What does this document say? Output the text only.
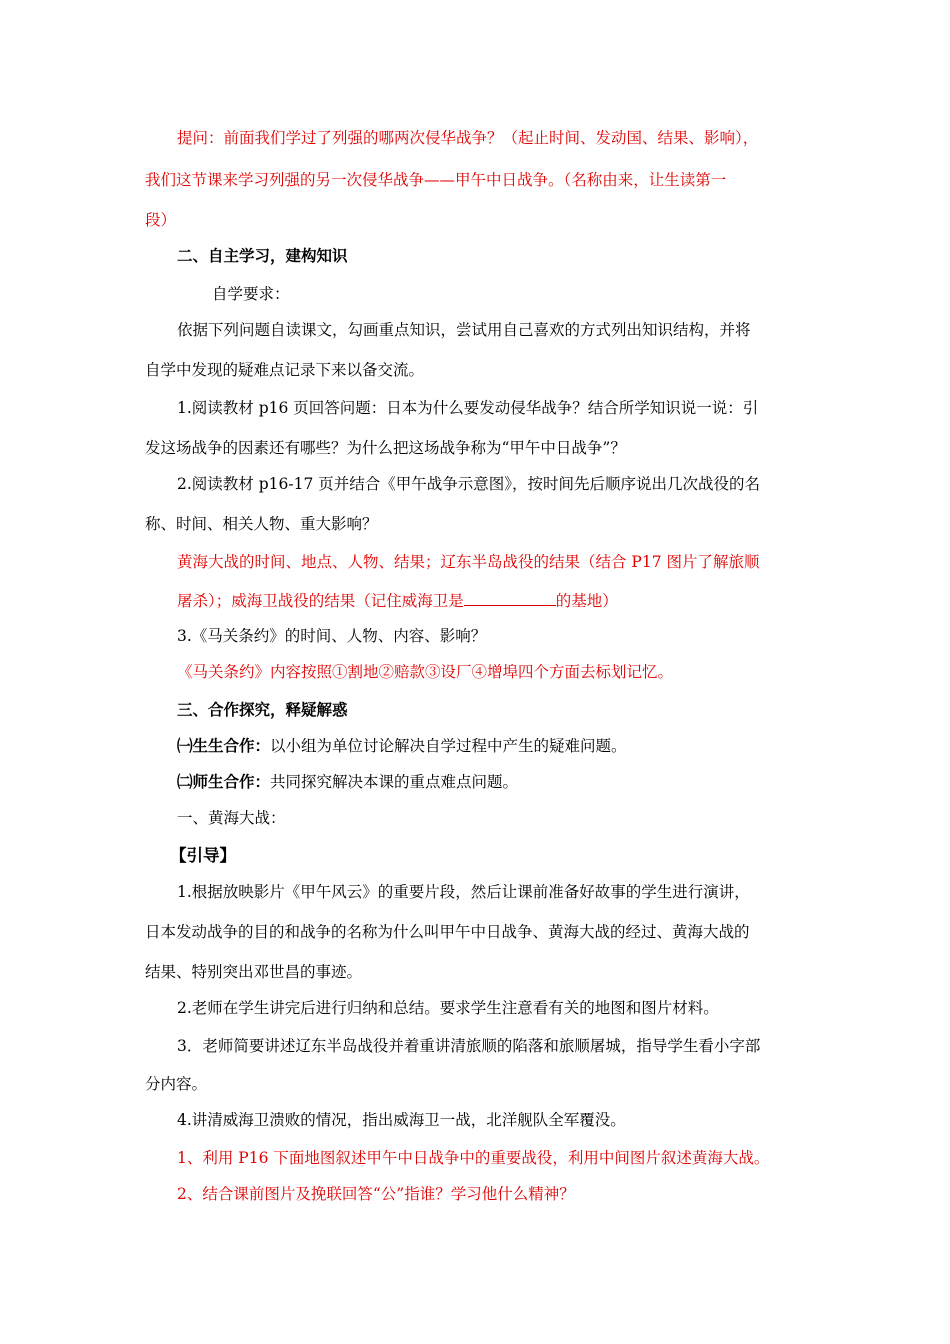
提问：前面我们学过了列强的哪两次侵华战争？（起止时间、发动国、结果、影响），
我们这节课来学习列强的另一次侵华战争——甲午中日战争。（名称由来，让生读第一
段）
二、自主学习，建构知识
自学要求：
依据下列问题自读课文，勾画重点知识，尝试用自己喜欢的方式列出知识结构，并将
自学中发现的疑难点记录下来以备交流。
1.阅读教材 p16 页回答问题：日本为什么要发动侵华战争？结合所学知识说一说：引
发这场战争的因素还有哪些？为什么把这场战争称为“甲午中日战争”？
2.阅读教材 p16-17 页并结合《甲午战争示意图》，按时间先后顺序说出几次战役的名
称、时间、相关人物、重大影响？
黄海大战的时间、地点、人物、结果；辽东半岛战役的结果（结合 P17 图片了解旅顺
屠杀）；威海卫战役的结果（记住威海卫是	的基地）
3.《马关条约》的时间、人物、内容、影响？
《马关条约》内容按照①割地②赔款③设厂④增埠四个方面去标划记忆。
三、合作探究，释疑解惑
㈠生生合作：以小组为单位讨论解决自学过程中产生的疑难问题。
㈡师生合作：共同探究解决本课的重点难点问题。
一、黄海大战：
【引导】
1.根据放映影片《甲午风云》的重要片段，然后让课前准备好故事的学生进行演讲，
日本发动战争的目的和战争的名称为什么叫甲午中日战争、黄海大战的经过、黄海大战的
结果、特别突出邓世昌的事迹。
2.老师在学生讲完后进行归纳和总结。要求学生注意看有关的地图和图片材料。
3．老师简要讲述辽东半岛战役并着重讲清旅顺的陷落和旅顺屠城，指导学生看小字部
分内容。
4.讲清威海卫溃败的情况，指出威海卫一战，北洋舰队全军覆没。
1、利用 P16 下面地图叙述甲午中日战争中的重要战役，利用中间图片叙述黄海大战。
2、结合课前图片及挽联回答“公”指谁？学习他什么精神？
